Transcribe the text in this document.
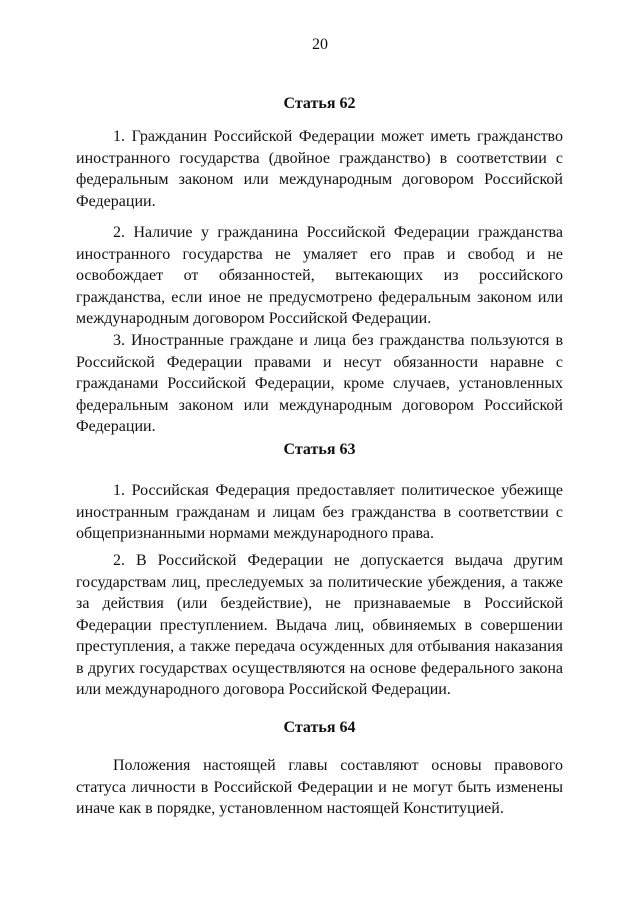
20
Статья 62

1. Гражданин Российской Федерации может иметь гражданство иностранного государства (двойное гражданство) в соответствии с федеральным законом или международным договором Российской Федерации.

2. Наличие у гражданина Российской Федерации гражданства иностранного государства не умаляет его прав и свобод и не освобождает от обязанностей, вытекающих из российского гражданства, если иное не предусмотрено федеральным законом или международным договором Российской Федерации.

3. Иностранные граждане и лица без гражданства пользуются в Российской Федерации правами и несут обязанности наравне с гражданами Российской Федерации, кроме случаев, установленных федеральным законом или международным договором Российской Федерации.

Статья 63

1. Российская Федерация предоставляет политическое убежище иностранным гражданам и лицам без гражданства в соответствии с общепризнанными нормами международного права.

2. В Российской Федерации не допускается выдача другим государствам лиц, преследуемых за политические убеждения, а также за действия (или бездействие), не признаваемые в Российской Федерации преступлением. Выдача лиц, обвиняемых в совершении преступления, а также передача осужденных для отбывания наказания в других государствах осуществляются на основе федерального закона или международного договора Российской Федерации.

Статья 64

Положения настоящей главы составляют основы правового статуса личности в Российской Федерации и не могут быть изменены иначе как в порядке, установленном настоящей Конституцией.
